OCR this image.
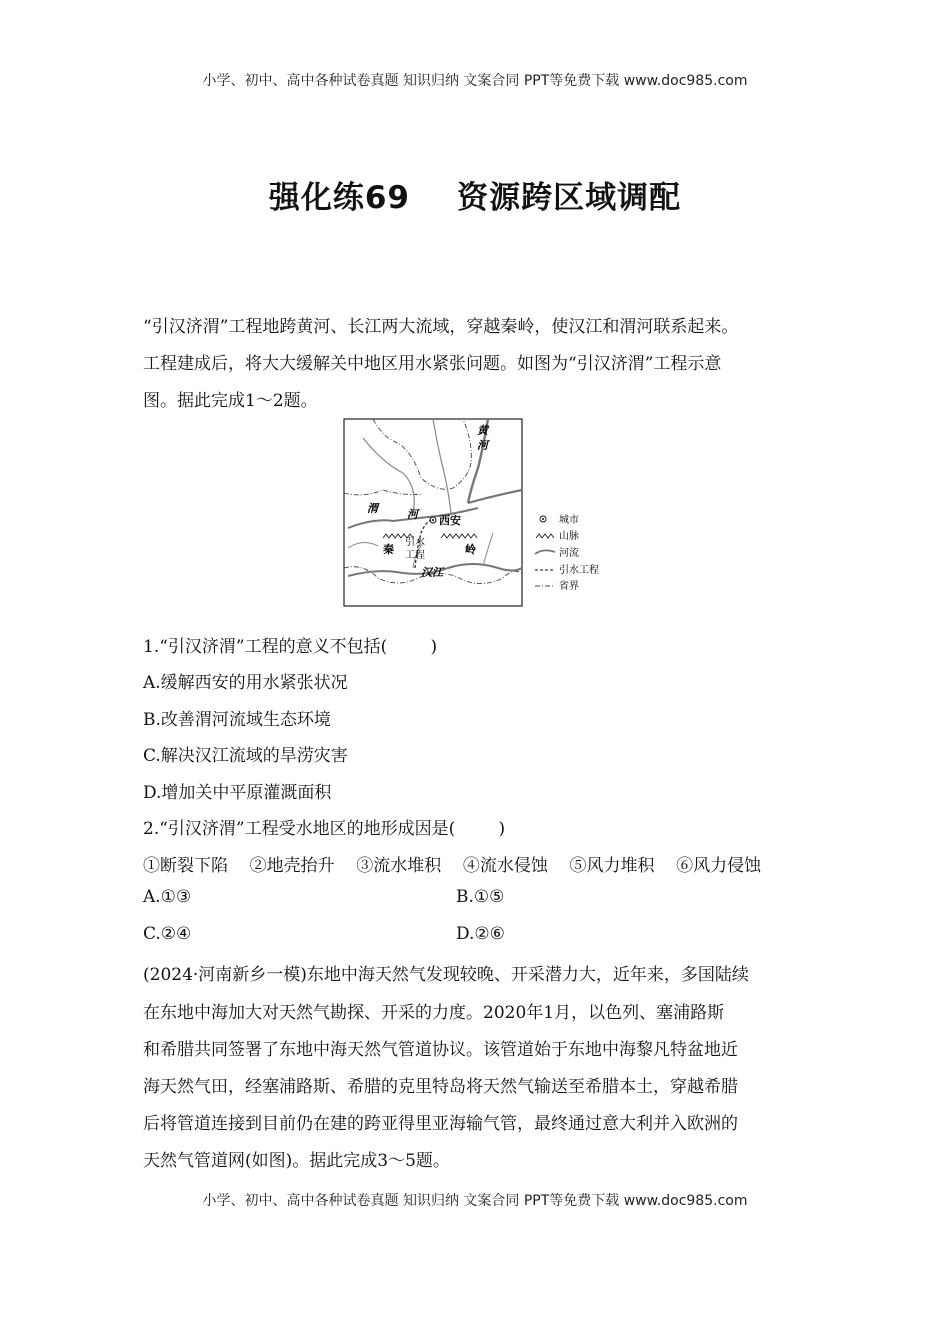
小学、初中、高中各种试卷真题 知识归纳 文案合同 PPT等免费下载 www.doc985.com
强化练69    资源跨区域调配
“引汉济渭”工程地跨黄河、长江两大流域，穿越秦岭，使汉江和渭河联系起来。
工程建成后，将大大缓解关中地区用水紧张问题。如图为“引汉济渭”工程示意
图。据此完成1～2题。
黄
河
渭	河 西安
秦	岭
引水
工程
汉江
城市
山脉
河流
引水工程
省界
1.“引汉济渭”工程的意义不包括(        )
A.缓解西安的用水紧张状况
B.改善渭河流域生态环境
C.解决汉江流域的旱涝灾害
D.增加关中平原灌溉面积
2.“引汉济渭”工程受水地区的地形成因是(        )
①断裂下陷    ②地壳抬升    ③流水堆积    ④流水侵蚀    ⑤风力堆积    ⑥风力侵蚀
A.①③	B.①⑤
C.②④	D.②⑥
(2024·河南新乡一模)东地中海天然气发现较晚、开采潜力大，近年来，多国陆续
在东地中海加大对天然气勘探、开采的力度。2020年1月，以色列、塞浦路斯
和希腊共同签署了东地中海天然气管道协议。该管道始于东地中海黎凡特盆地近
海天然气田，经塞浦路斯、希腊的克里特岛将天然气输送至希腊本土，穿越希腊
后将管道连接到目前仍在建的跨亚得里亚海输气管，最终通过意大利并入欧洲的
天然气管道网(如图)。据此完成3～5题。
小学、初中、高中各种试卷真题 知识归纳 文案合同 PPT等免费下载 www.doc985.com
